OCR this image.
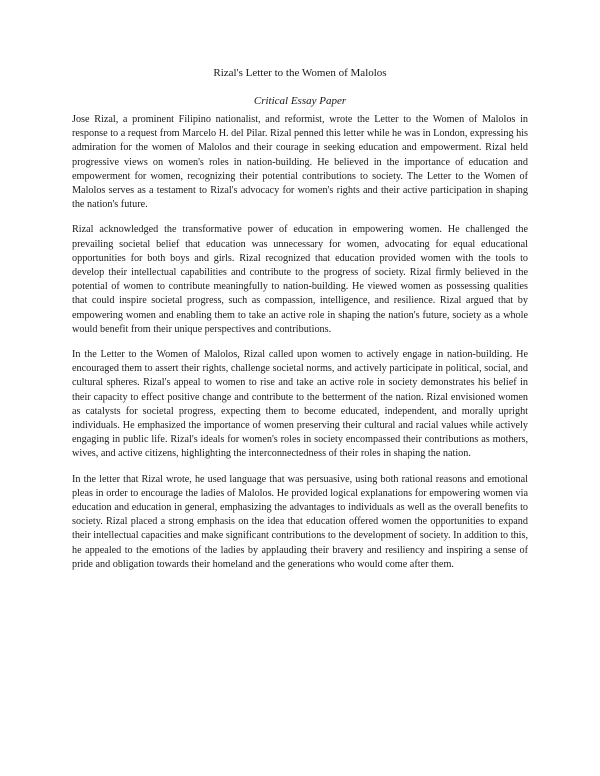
Rizal's Letter to the Women of Malolos

Critical Essay Paper

Jose Rizal, a prominent Filipino nationalist, and reformist, wrote the Letter to the Women of Malolos in response to a request from Marcelo H. del Pilar. Rizal penned this letter while he was in London, expressing his admiration for the women of Malolos and their courage in seeking education and empowerment. Rizal held progressive views on women's roles in nation-building. He believed in the importance of education and empowerment for women, recognizing their potential contributions to society. The Letter to the Women of Malolos serves as a testament to Rizal's advocacy for women's rights and their active participation in shaping the nation's future.

Rizal acknowledged the transformative power of education in empowering women. He challenged the prevailing societal belief that education was unnecessary for women, advocating for equal educational opportunities for both boys and girls. Rizal recognized that education provided women with the tools to develop their intellectual capabilities and contribute to the progress of society. Rizal firmly believed in the potential of women to contribute meaningfully to nation-building. He viewed women as possessing qualities that could inspire societal progress, such as compassion, intelligence, and resilience. Rizal argued that by empowering women and enabling them to take an active role in shaping the nation's future, society as a whole would benefit from their unique perspectives and contributions.

In the Letter to the Women of Malolos, Rizal called upon women to actively engage in nation-building. He encouraged them to assert their rights, challenge societal norms, and actively participate in political, social, and cultural spheres. Rizal's appeal to women to rise and take an active role in society demonstrates his belief in their capacity to effect positive change and contribute to the betterment of the nation. Rizal envisioned women as catalysts for societal progress, expecting them to become educated, independent, and morally upright individuals. He emphasized the importance of women preserving their cultural and racial values while actively engaging in public life. Rizal's ideals for women's roles in society encompassed their contributions as mothers, wives, and active citizens, highlighting the interconnectedness of their roles in shaping the nation.

In the letter that Rizal wrote, he used language that was persuasive, using both rational reasons and emotional pleas in order to encourage the ladies of Malolos. He provided logical explanations for empowering women via education and education in general, emphasizing the advantages to individuals as well as the overall benefits to society. Rizal placed a strong emphasis on the idea that education offered women the opportunities to expand their intellectual capacities and make significant contributions to the development of society. In addition to this, he appealed to the emotions of the ladies by applauding their bravery and resiliency and inspiring a sense of pride and obligation towards their homeland and the generations who would come after them.
